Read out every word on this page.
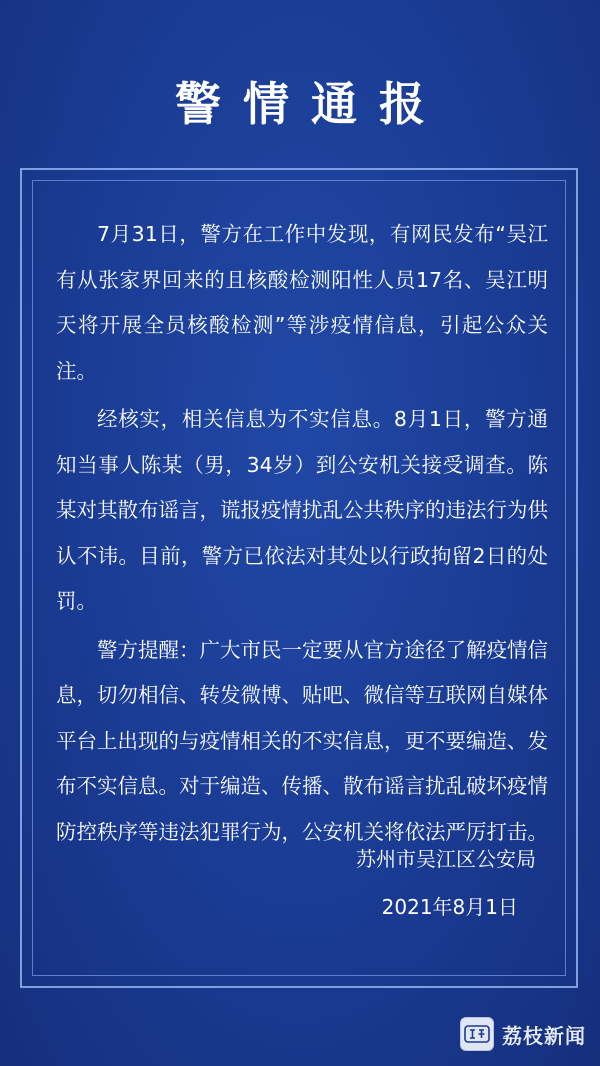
警情通报

7月31日，警方在工作中发现，有网民发布“吴江有从张家界回来的且核酸检测阳性人员17名、吴江明天将开展全员核酸检测”等涉疫情信息，引起公众关注。

经核实，相关信息为不实信息。8月1日，警方通知当事人陈某（男，34岁）到公安机关接受调查。陈某对其散布谣言，谎报疫情扰乱公共秩序的违法行为供认不讳。目前，警方已依法对其处以行政拘留2日的处罚。

警方提醒：广大市民一定要从官方途径了解疫情信息，切勿相信、转发微博、贴吧、微信等互联网自媒体平台上出现的与疫情相关的不实信息，更不要编造、发布不实信息。对于编造、传播、散布谣言扰乱破坏疫情防控秩序等违法犯罪行为，公安机关将依法严厉打击。

苏州市吴江区公安局
2021年8月1日
荔枝新闻
